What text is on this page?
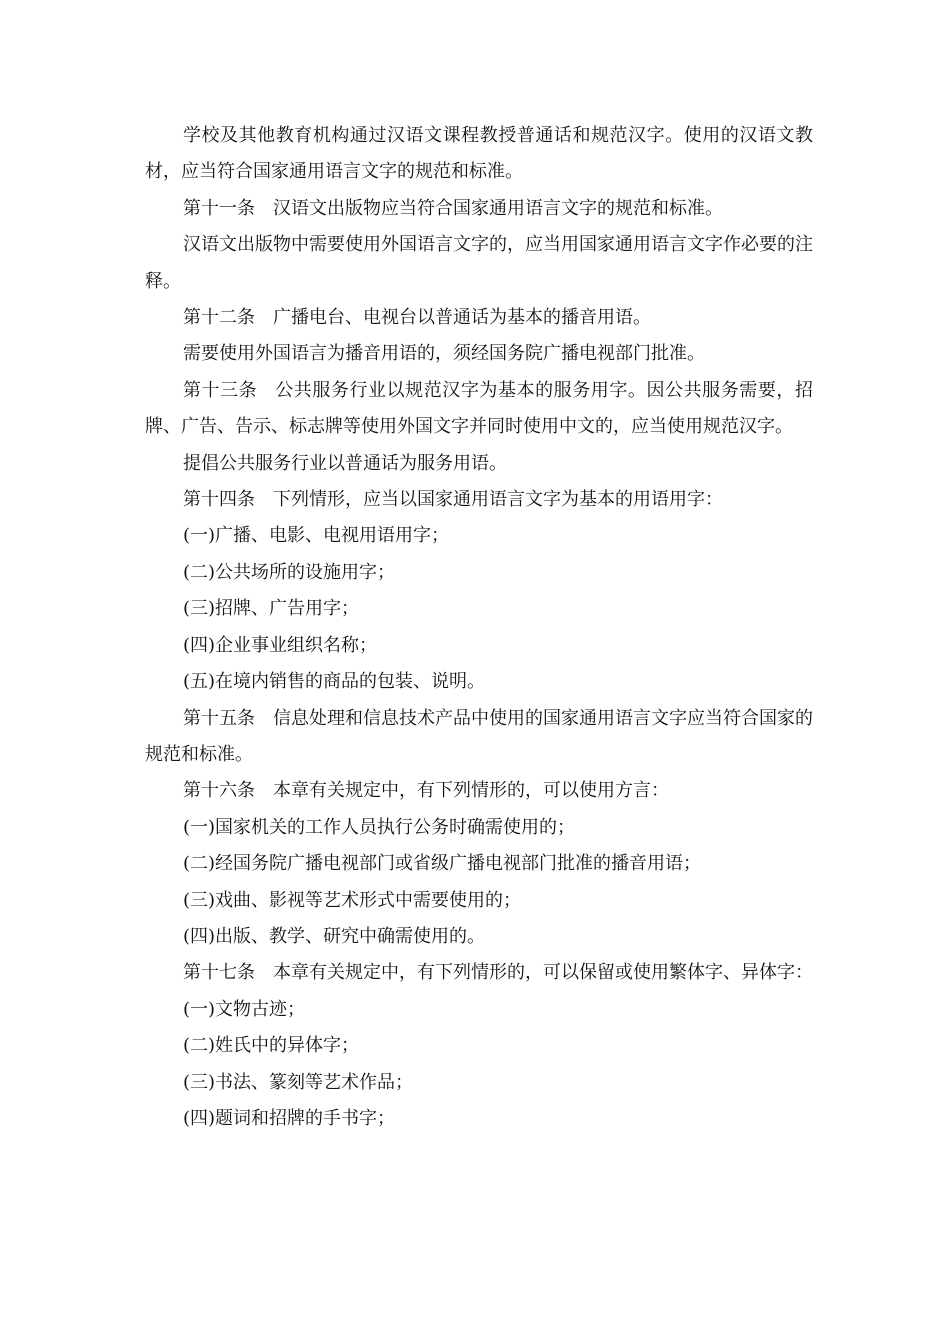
学校及其他教育机构通过汉语文课程教授普通话和规范汉字。使用的汉语文教材，应当符合国家通用语言文字的规范和标准。

第十一条 汉语文出版物应当符合国家通用语言文字的规范和标准。

汉语文出版物中需要使用外国语言文字的，应当用国家通用语言文字作必要的注释。

第十二条 广播电台、电视台以普通话为基本的播音用语。

需要使用外国语言为播音用语的，须经国务院广播电视部门批准。

第十三条 公共服务行业以规范汉字为基本的服务用字。因公共服务需要，招牌、广告、告示、标志牌等使用外国文字并同时使用中文的，应当使用规范汉字。

提倡公共服务行业以普通话为服务用语。

第十四条 下列情形，应当以国家通用语言文字为基本的用语用字：

(一)广播、电影、电视用语用字；

(二)公共场所的设施用字；

(三)招牌、广告用字；

(四)企业事业组织名称；

(五)在境内销售的商品的包装、说明。

第十五条 信息处理和信息技术产品中使用的国家通用语言文字应当符合国家的规范和标准。

第十六条 本章有关规定中，有下列情形的，可以使用方言：

(一)国家机关的工作人员执行公务时确需使用的；

(二)经国务院广播电视部门或省级广播电视部门批准的播音用语；

(三)戏曲、影视等艺术形式中需要使用的；

(四)出版、教学、研究中确需使用的。

第十七条 本章有关规定中，有下列情形的，可以保留或使用繁体字、异体字：

(一)文物古迹；

(二)姓氏中的异体字；

(三)书法、篆刻等艺术作品；

(四)题词和招牌的手书字；
